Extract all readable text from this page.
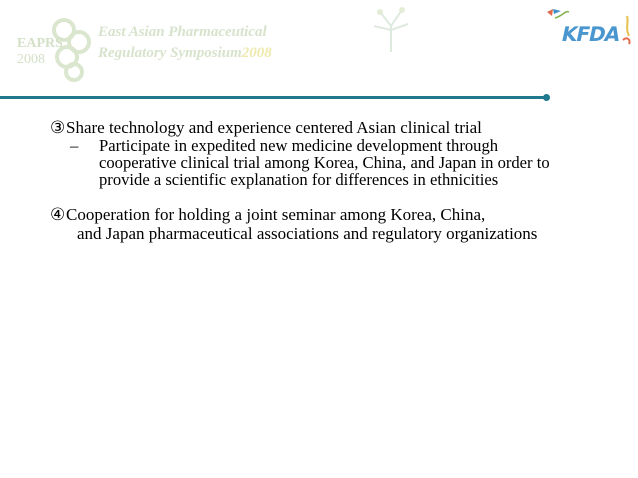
EAPRS
2008
East Asian Pharmaceutical
Regulatory Symposium2008
KFDA
③ Share technology and experience centered Asian clinical trial
–	Participate in expedited new medicine development through cooperative clinical trial among Korea, China, and Japan in order to provide a scientific explanation for differences in ethnicities
④ Cooperation for holding a joint seminar among Korea, China,
and Japan pharmaceutical associations and regulatory organizations
